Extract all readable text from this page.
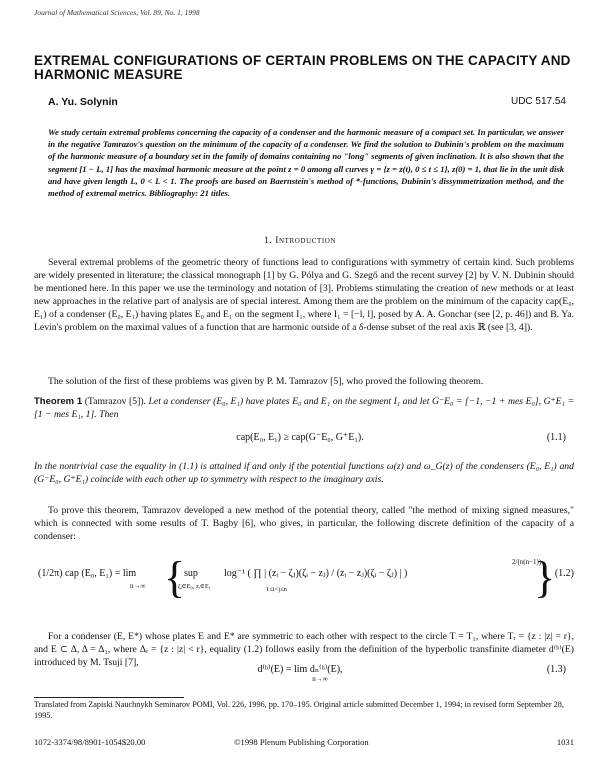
Journal of Mathematical Sciences, Vol. 89, No. 1, 1998
EXTREMAL CONFIGURATIONS OF CERTAIN PROBLEMS ON THE CAPACITY AND HARMONIC MEASURE
A. Yu. Solynin	UDC 517.54
We study certain extremal problems concerning the capacity of a condenser and the harmonic measure of a compact set. In particular, we answer in the negative Tamrazov's question on the minimum of the capacity of a condenser. We find the solution to Dubinin's problem on the maximum of the harmonic measure of a boundary set in the family of domains containing no "long" segments of given inclination. It is also shown that the segment [1 − L, 1] has the maximal harmonic measure at the point z = 0 among all curves γ = {z = z(t), 0 ≤ t ≤ 1}, z(0) = 1, that lie in the unit disk and have given length L, 0 < L < 1. The proofs are based on Baernstein's method of *-functions, Dubinin's dissymmetrization method, and the method of extremal metrics. Bibliography: 21 titles.
1. Introduction
Several extremal problems of the geometric theory of functions lead to configurations with symmetry of certain kind. Such problems are widely presented in literature; the classical monograph [1] by G. Pólya and G. Szegő and the recent survey [2] by V. N. Dubinin should be mentioned here. In this paper we use the terminology and notation of [3]. Problems stimulating the creation of new methods or at least new approaches in the relative part of analysis are of special interest. Among them are the problem on the minimum of the capacity cap(E₀, E₁) of a condenser (E₀, E₁) having plates E₀ and E₁ on the segment I₁, where I₁ = [−l, l], posed by A. A. Gonchar (see [2, p. 46]) and B. Ya. Levin's problem on the maximal values of a function that are harmonic outside of a δ-dense subset of the real axis ℝ (see [3, 4]).
The solution of the first of these problems was given by P. M. Tamrazov [5], who proved the following theorem.
Theorem 1 (Tamrazov [5]). Let a condenser (E₀, E₁) have plates E₀ and E₁ on the segment I₁ and let G⁻E₀ = [−1, −1 + mes E₀], G⁺E₁ = [1 − mes E₁, 1]. Then
cap(E₀, E₁) ≥ cap(G⁻E₀, G⁺E₁).	(1.1)
In the nontrivial case the equality in (1.1) is attained if and only if the potential functions ω(z) and ω_G(z) of the condensers (E₀, E₁) and (G⁻E₀, G⁺E₁) coincide with each other up to symmetry with respect to the imaginary axis.
To prove this theorem, Tamrazov developed a new method of the potential theory, called "the method of mixing signed measures," which is connected with some results of T. Bagby [6], who gives, in particular, the following discrete definition of the capacity of a condenser:
(1/2π) cap (E₀, E₁) = lim
n→∞ {
sup
ζᵢ∈E₀, zᵢ∈E₁
log⁻¹ ( ∏ | (zᵢ − ζⱼ)(ζᵢ − zⱼ) / (zᵢ − zⱼ)(ζᵢ − ζⱼ) | )
1≤i<j≤n
2/(n(n−1))
} (1.2)
For a condenser (E, E*) whose plates E and E* are symmetric to each other with respect to the circle T = T₁, where Tᵣ = {z : |z| = r}, and E ⊂ Δ, Δ = Δ₁, where Δᵣ = {z : |z| < r}, equality (1.2) follows easily from the definition of the hyperbolic transfinite diameter d⁽ʰ⁾(E) introduced by M. Tsuji [7],
d⁽ʰ⁾(E) = lim dₙ⁽ʰ⁾(E),	(1.3)
n→∞
Translated from Zapiski Nauchnykh Seminarov POMI, Vol. 226, 1996, pp. 170–195. Original article submitted December 1, 1994; in revised form September 28, 1995.
1072-3374/98/8901-1054$20.00	©1998 Plenum Publishing Corporation	1031
